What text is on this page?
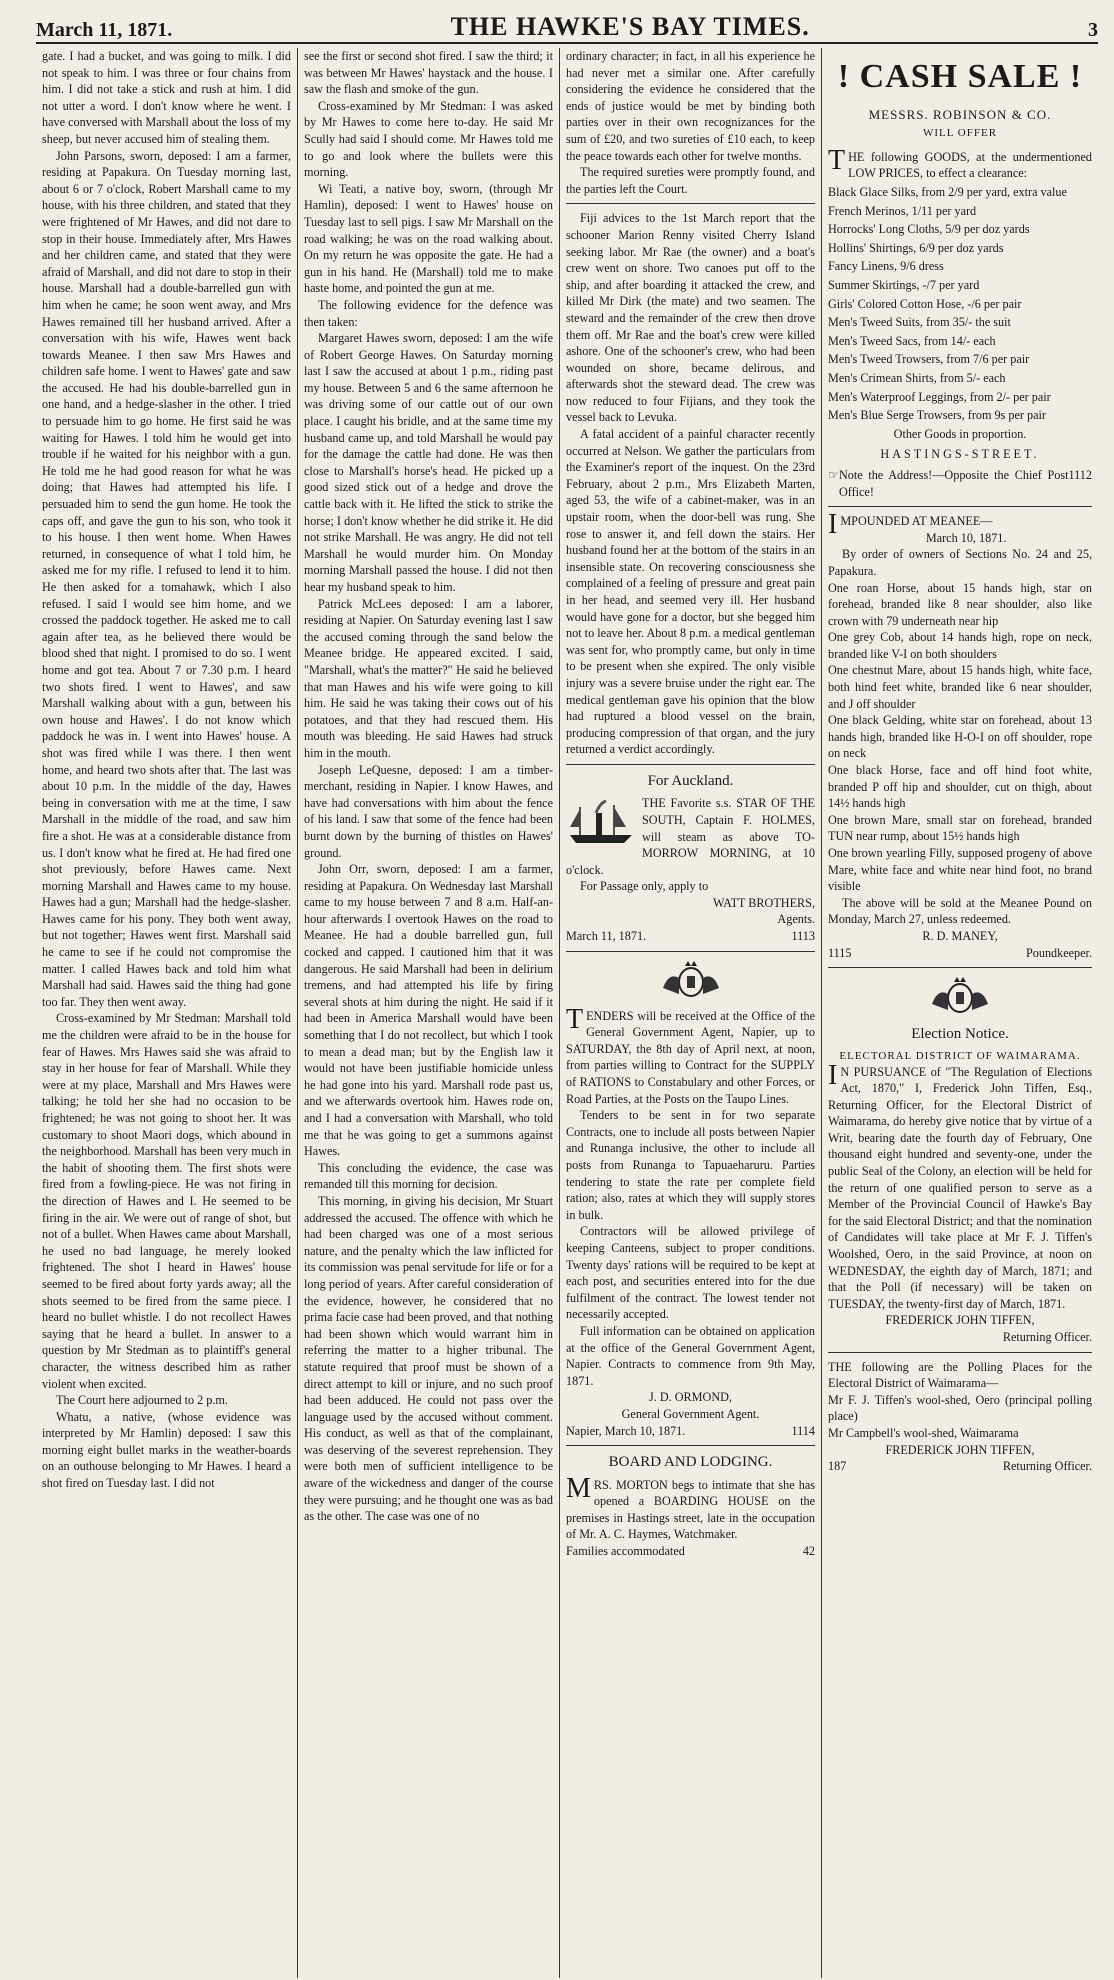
March 11, 1871.	THE HAWKE'S BAY TIMES.	3

gate. I had a bucket, and was going to milk. I did not speak to him. I was three or four chains from him. I did not take a stick and rush at him. I did not utter a word. I don't know where he went. I have conversed with Marshall about the loss of my sheep, but never accused him of stealing them.

John Parsons, sworn, deposed: I am a farmer, residing at Papakura. On Tuesday morning last, about 6 or 7 o'clock, Robert Marshall came to my house, with his three children, and stated that they were frightened of Mr Hawes, and did not dare to stop in their house. Immediately after, Mrs Hawes and her children came, and stated that they were afraid of Marshall, and did not dare to stop in their house. Marshall had a double-barrelled gun with him when he came; he soon went away, and Mrs Hawes remained till her husband arrived. After a conversation with his wife, Hawes went back towards Meanee. I then saw Mrs Hawes and children safe home. I went to Hawes' gate and saw the accused. He had his double-barrelled gun in one hand, and a hedge-slasher in the other. I tried to persuade him to go home. He first said he was waiting for Hawes. I told him he would get into trouble if he waited for his neighbor with a gun. He told me he had good reason for what he was doing; that Hawes had attempted his life. I persuaded him to send the gun home. He took the caps off, and gave the gun to his son, who took it to his house. I then went home. When Hawes returned, in consequence of what I told him, he asked me for my rifle. I refused to lend it to him. He then asked for a tomahawk, which I also refused. I said I would see him home, and we crossed the paddock together. He asked me to call again after tea, as he believed there would be blood shed that night. I promised to do so. I went home and got tea. About 7 or 7.30 p.m. I heard two shots fired. I went to Hawes', and saw Marshall walking about with a gun, between his own house and Hawes'. I do not know which paddock he was in. I went into Hawes' house. A shot was fired while I was there. I then went home, and heard two shots after that. The last was about 10 p.m. In the middle of the day, Hawes being in conversation with me at the time, I saw Marshall in the middle of the road, and saw him fire a shot. He was at a considerable distance from us. I don't know what he fired at. He had fired one shot previously, before Hawes came. Next morning Marshall and Hawes came to my house. Hawes had a gun; Marshall had the hedge-slasher. Hawes came for his pony. They both went away, but not together; Hawes went first. Marshall said he came to see if he could not compromise the matter. I called Hawes back and told him what Marshall had said. Hawes said the thing had gone too far. They then went away.

Cross-examined by Mr Stedman: Marshall told me the children were afraid to be in the house for fear of Hawes. Mrs Hawes said she was afraid to stay in her house for fear of Marshall. While they were at my place, Marshall and Mrs Hawes were talking; he told her she had no occasion to be frightened; he was not going to shoot her. It was customary to shoot Maori dogs, which abound in the neighborhood. Marshall has been very much in the habit of shooting them. The first shots were fired from a fowling-piece. He was not firing in the direction of Hawes and I. He seemed to be firing in the air. We were out of range of shot, but not of a bullet. When Hawes came about Marshall, he used no bad language, he merely looked frightened. The shot I heard in Hawes' house seemed to be fired about forty yards away; all the shots seemed to be fired from the same piece. I heard no bullet whistle. I do not recollect Hawes saying that he heard a bullet. In answer to a question by Mr Stedman as to plaintiff's general character, the witness described him as rather violent when excited.

The Court here adjourned to 2 p.m.

Whatu, a native, (whose evidence was interpreted by Mr Hamlin) deposed: I saw this morning eight bullet marks in the weather-boards on an outhouse belonging to Mr Hawes. I heard a shot fired on Tuesday last. I did not

see the first or second shot fired. I saw the third; it was between Mr Hawes' haystack and the house. I saw the flash and smoke of the gun.

Cross-examined by Mr Stedman: I was asked by Mr Hawes to come here to-day. He said Mr Scully had said I should come. Mr Hawes told me to go and look where the bullets were this morning.

Wi Teati, a native boy, sworn, (through Mr Hamlin), deposed: I went to Hawes' house on Tuesday last to sell pigs. I saw Mr Marshall on the road walking; he was on the road walking about. On my return he was opposite the gate. He had a gun in his hand. He (Marshall) told me to make haste home, and pointed the gun at me.

The following evidence for the defence was then taken:

Margaret Hawes sworn, deposed: I am the wife of Robert George Hawes. On Saturday morning last I saw the accused at about 1 p.m., riding past my house. Between 5 and 6 the same afternoon he was driving some of our cattle out of our own place. I caught his bridle, and at the same time my husband came up, and told Marshall he would pay for the damage the cattle had done. He was then close to Marshall's horse's head. He picked up a good sized stick out of a hedge and drove the cattle back with it. He lifted the stick to strike the horse; I don't know whether he did strike it. He did not strike Marshall. He was angry. He did not tell Marshall he would murder him. On Monday morning Marshall passed the house. I did not then hear my husband speak to him.

Patrick McLees deposed: I am a laborer, residing at Napier. On Saturday evening last I saw the accused coming through the sand below the Meanee bridge. He appeared excited. I said, "Marshall, what's the matter?" He said he believed that man Hawes and his wife were going to kill him. He said he was taking their cows out of his potatoes, and that they had rescued them. His mouth was bleeding. He said Hawes had struck him in the mouth.

Joseph LeQuesne, deposed: I am a timber-merchant, residing in Napier. I know Hawes, and have had conversations with him about the fence of his land. I saw that some of the fence had been burnt down by the burning of thistles on Hawes' ground.

John Orr, sworn, deposed: I am a farmer, residing at Papakura. On Wednesday last Marshall came to my house between 7 and 8 a.m. Half-an-hour afterwards I overtook Hawes on the road to Meanee. He had a double barrelled gun, full cocked and capped. I cautioned him that it was dangerous. He said Marshall had been in delirium tremens, and had attempted his life by firing several shots at him during the night. He said if it had been in America Marshall would have been something that I do not recollect, but which I took to mean a dead man; but by the English law it would not have been justifiable homicide unless he had gone into his yard. Marshall rode past us, and we afterwards overtook him. Hawes rode on, and I had a conversation with Marshall, who told me that he was going to get a summons against Hawes.

This concluding the evidence, the case was remanded till this morning for decision.

This morning, in giving his decision, Mr Stuart addressed the accused. The offence with which he had been charged was one of a most serious nature, and the penalty which the law inflicted for its commission was penal servitude for life or for a long period of years. After careful consideration of the evidence, however, he considered that no prima facie case had been proved, and that nothing had been shown which would warrant him in referring the matter to a higher tribunal. The statute required that proof must be shown of a direct attempt to kill or injure, and no such proof had been adduced. He could not pass over the language used by the accused without comment. His conduct, as well as that of the complainant, was deserving of the severest reprehension. They were both men of sufficient intelligence to be aware of the wickedness and danger of the course they were pursuing; and he thought one was as bad as the other. The case was one of no

ordinary character; in fact, in all his experience he had never met a similar one. After carefully considering the evidence he considered that the ends of justice would be met by binding both parties over in their own recognizances for the sum of £20, and two sureties of £10 each, to keep the peace towards each other for twelve months.

The required sureties were promptly found, and the parties left the Court.

Fiji advices to the 1st March report that the schooner Marion Renny visited Cherry Island seeking labor. Mr Rae (the owner) and a boat's crew went on shore. Two canoes put off to the ship, and after boarding it attacked the crew, and killed Mr Dirk (the mate) and two seamen. The steward and the remainder of the crew then drove them off. Mr Rae and the boat's crew were killed ashore. One of the schooner's crew, who had been wounded on shore, became delirous, and afterwards shot the steward dead. The crew was now reduced to four Fijians, and they took the vessel back to Levuka.

A fatal accident of a painful character recently occurred at Nelson. We gather the particulars from the Examiner's report of the inquest. On the 23rd February, about 2 p.m., Mrs Elizabeth Marten, aged 53, the wife of a cabinet-maker, was in an upstair room, when the door-bell was rung. She rose to answer it, and fell down the stairs. Her husband found her at the bottom of the stairs in an insensible state. On recovering consciousness she complained of a feeling of pressure and great pain in her head, and seemed very ill. Her husband would have gone for a doctor, but she begged him not to leave her. About 8 p.m. a medical gentleman was sent for, who promptly came, but only in time to be present when she expired. The only visible injury was a severe bruise under the right ear. The medical gentleman gave his opinion that the blow had ruptured a blood vessel on the brain, producing compression of that organ, and the jury returned a verdict accordingly.

For Auckland.

THE Favorite s.s. STAR OF THE SOUTH, Captain F. HOLMES, will steam as above TO-MORROW MORNING, at 10 o'clock.

For Passage only, apply to

WATT BROTHERS,
Agents.
March 11, 1871.	1113

TENDERS will be received at the Office of the General Government Agent, Napier, up to SATURDAY, the 8th day of April next, at noon, from parties willing to Contract for the SUPPLY of RATIONS to Constabulary and other Forces, or Road Parties, at the Posts on the Taupo Lines.

Tenders to be sent in for two separate Contracts, one to include all posts between Napier and Runanga inclusive, the other to include all posts from Runanga to Tapuaeharuru. Parties tendering to state the rate per complete field ration; also, rates at which they will supply stores in bulk.

Contractors will be allowed privilege of keeping Canteens, subject to proper conditions. Twenty days' rations will be required to be kept at each post, and securities entered into for the due fulfilment of the contract. The lowest tender not necessarily accepted.

Full information can be obtained on application at the office of the General Government Agent, Napier. Contracts to commence from 9th May, 1871.

J. D. ORMOND,
General Government Agent.
Napier, March 10, 1871.	1114
BOARD AND LODGING.

MRS. MORTON begs to intimate that she has opened a BOARDING HOUSE on the premises in Hastings street, late in the occupation of Mr. A. C. Haymes, Watchmaker.

Families accommodated	42
! CASH SALE !
MESSRS. ROBINSON & CO.
WILL OFFER

THE following GOODS, at the undermentioned LOW PRICES, to effect a clearance:

Black Glace Silks, from 2/9 per yard, extra value
French Merinos, 1/11 per yard
Horrocks' Long Cloths, 5/9 per doz yards
Hollins' Shirtings, 6/9 per doz yards
Fancy Linens, 9/6 dress
Summer Skirtings, -/7 per yard
Girls' Colored Cotton Hose, -/6 per pair
Men's Tweed Suits, from 35/- the suit
Men's Tweed Sacs, from 14/- each
Men's Tweed Trowsers, from 7/6 per pair
Men's Crimean Shirts, from 5/- each
Men's Waterproof Leggings, from 2/- per pair
Men's Blue Serge Trowsers, from 9s per pair
Other Goods in proportion.
HASTINGS-STREET.
☞ Note the Address!—Opposite the Chief Post Office!
1112

IMPOUNDED AT MEANEE—

March 10, 1871.

By order of owners of Sections No. 24 and 25, Papakura.

One roan Horse, about 15 hands high, star on forehead, branded like 8 near shoulder, also like crown with 79 underneath near hip
One grey Cob, about 14 hands high, rope on neck, branded like V-I on both shoulders
One chestnut Mare, about 15 hands high, white face, both hind feet white, branded like 6 near shoulder, and J off shoulder
One black Gelding, white star on forehead, about 13 hands high, branded like H-O-I on off shoulder, rope on neck
One black Horse, face and off hind foot white, branded P off hip and shoulder, cut on thigh, about 14½ hands high
One brown Mare, small star on forehead, branded TUN near rump, about 15½ hands high
One brown yearling Filly, supposed progeny of above Mare, white face and white near hind foot, no brand visible

The above will be sold at the Meanee Pound on Monday, March 27, unless redeemed.

R. D. MANEY,
1115	Poundkeeper.
Election Notice.
ELECTORAL DISTRICT OF WAIMARAMA.

IN PURSUANCE of "The Regulation of Elections Act, 1870," I, Frederick John Tiffen, Esq., Returning Officer, for the Electoral District of Waimarama, do hereby give notice that by virtue of a Writ, bearing date the fourth day of February, One thousand eight hundred and seventy-one, under the public Seal of the Colony, an election will be held for the return of one qualified person to serve as a Member of the Provincial Council of Hawke's Bay for the said Electoral District; and that the nomination of Candidates will take place at Mr F. J. Tiffen's Woolshed, Oero, in the said Province, at noon on WEDNESDAY, the eighth day of March, 1871; and that the Poll (if necessary) will be taken on TUESDAY, the twenty-first day of March, 1871.

FREDERICK JOHN TIFFEN,
Returning Officer.

THE following are the Polling Places for the Electoral District of Waimarama—

Mr F. J. Tiffen's wool-shed, Oero (principal polling place)
Mr Campbell's wool-shed, Waimarama
FREDERICK JOHN TIFFEN,
187	Returning Officer.
